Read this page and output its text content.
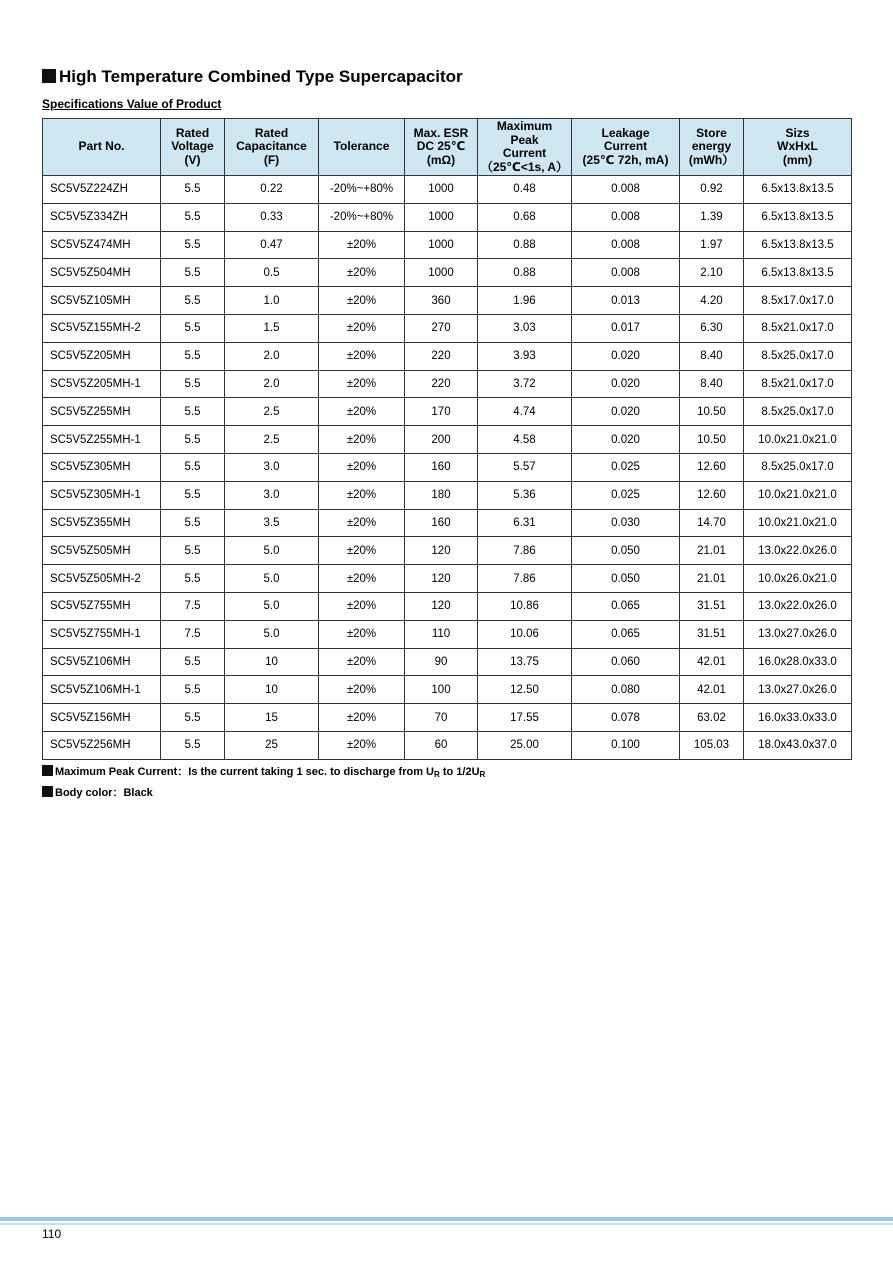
High Temperature Combined Type Supercapacitor
Specifications Value of Product
Part No.	Rated
Voltage
(V)	Rated
Capacitance
(F)	Tolerance	Max. ESR
DC 25℃
(mΩ)	Maximum
Peak
Current
（25℃<1s, A）	Leakage
Current
(25℃ 72h, mA)	Store
energy
(mWh）	Sizs
WxHxL
(mm)
SC5V5Z224ZH	5.5	0.22	-20%~+80%	1000	0.48	0.008	0.92	6.5x13.8x13.5
SC5V5Z334ZH	5.5	0.33	-20%~+80%	1000	0.68	0.008	1.39	6.5x13.8x13.5
SC5V5Z474MH	5.5	0.47	±20%	1000	0.88	0.008	1.97	6.5x13.8x13.5
SC5V5Z504MH	5.5	0.5	±20%	1000	0.88	0.008	2.10	6.5x13.8x13.5
SC5V5Z105MH	5.5	1.0	±20%	360	1.96	0.013	4.20	8.5x17.0x17.0
SC5V5Z155MH-2	5.5	1.5	±20%	270	3.03	0.017	6.30	8.5x21.0x17.0
SC5V5Z205MH	5.5	2.0	±20%	220	3.93	0.020	8.40	8.5x25.0x17.0
SC5V5Z205MH-1	5.5	2.0	±20%	220	3.72	0.020	8.40	8.5x21.0x17.0
SC5V5Z255MH	5.5	2.5	±20%	170	4.74	0.020	10.50	8.5x25.0x17.0
SC5V5Z255MH-1	5.5	2.5	±20%	200	4.58	0.020	10.50	10.0x21.0x21.0
SC5V5Z305MH	5.5	3.0	±20%	160	5.57	0.025	12.60	8.5x25.0x17.0
SC5V5Z305MH-1	5.5	3.0	±20%	180	5.36	0.025	12.60	10.0x21.0x21.0
SC5V5Z355MH	5.5	3.5	±20%	160	6.31	0.030	14.70	10.0x21.0x21.0
SC5V5Z505MH	5.5	5.0	±20%	120	7.86	0.050	21.01	13.0x22.0x26.0
SC5V5Z505MH-2	5.5	5.0	±20%	120	7.86	0.050	21.01	10.0x26.0x21.0
SC5V5Z755MH	7.5	5.0	±20%	120	10.86	0.065	31.51	13.0x22.0x26.0
SC5V5Z755MH-1	7.5	5.0	±20%	110	10.06	0.065	31.51	13.0x27.0x26.0
SC5V5Z106MH	5.5	10	±20%	90	13.75	0.060	42.01	16.0x28.0x33.0
SC5V5Z106MH-1	5.5	10	±20%	100	12.50	0.080	42.01	13.0x27.0x26.0
SC5V5Z156MH	5.5	15	±20%	70	17.55	0.078	63.02	16.0x33.0x33.0
SC5V5Z256MH	5.5	25	±20%	60	25.00	0.100	105.03	18.0x43.0x37.0
Maximum Peak Current：Is the current taking 1 sec. to discharge from $U_R$ to $1/2U_R$
Body color：Black
110
